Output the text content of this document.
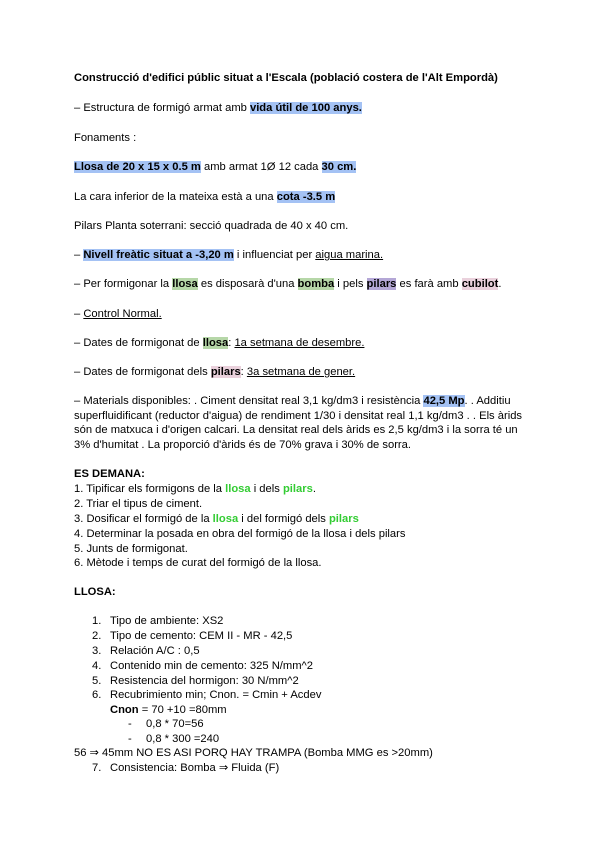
Construcció d'edifici públic situat a l'Escala (població costera de l'Alt Empordà)
– Estructura de formigó armat amb vida útil de 100 anys.
Fonaments :
Llosa de 20 x 15 x 0.5 m amb armat 1Ø 12 cada 30 cm.
La cara inferior de la mateixa està a una cota -3.5 m
Pilars Planta soterrani: secció quadrada de 40 x 40 cm.
– Nivell freàtic situat a -3,20 m i influenciat per aigua marina.
– Per formigonar la llosa es disposarà d'una bomba i pels pilars es farà amb cubilot.
– Control Normal.
– Dates de formigonat de llosa: 1a setmana de desembre.
– Dates de formigonat dels pilars: 3a setmana de gener.
– Materials disponibles: . Ciment densitat real 3,1 kg/dm3 i resistència 42,5 Mp. . Additiu superfluidificant (reductor d'aigua) de rendiment 1/30 i densitat real 1,1 kg/dm3 . . Els àrids són de matxuca i d'origen calcari. La densitat real dels àrids es 2,5 kg/dm3 i la sorra té un 3% d'humitat . La proporció d'àrids és de 70% grava i 30% de sorra.
ES DEMANA:
1. Tipificar els formigons de la llosa i dels pilars.
2. Triar el tipus de ciment.
3. Dosificar el formigó de la llosa i del formigó dels pilars
4. Determinar la posada en obra del formigó de la llosa i dels pilars
5. Junts de formigonat.
6. Mètode i temps de curat del formigó de la llosa.
LLOSA:
1. Tipo de ambiente: XS2
2. Tipo de cemento: CEM II - MR - 42,5
3. Relación A/C : 0,5
4. Contenido min de cemento: 325 N/mm^2
5. Resistencia del hormigon: 30 N/mm^2
6. Recubrimiento min; Cnon. = Cmin + Acdev
Cnon = 70 +10 =80mm
- 0,8 * 70=56
- 0,8 * 300 =240
56 ⇒ 45mm NO ES ASI PORQ HAY TRAMPA (Bomba MMG es >20mm)
7. Consistencia: Bomba ⇒ Fluida (F)
